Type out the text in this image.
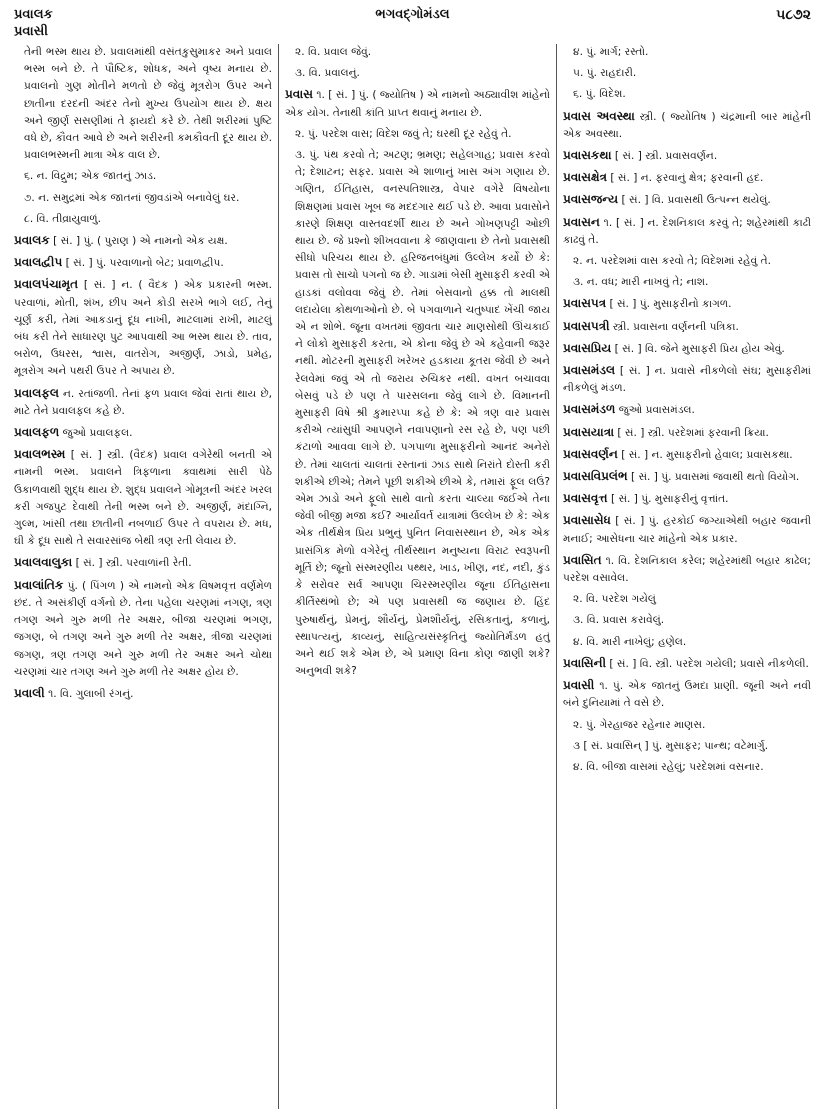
પ્રવાલક	ભગવદ્ગોમંડલ	૫૮૭૨
પ્રવાસી
તેની ભસ્મ થાય છે. પ્રવાલમાંથી વસંતકુસુમાકર અને પ્રવાલ ભસ્મ બને છે. તે પૌષ્ટિક, શોધક, અને વૃષ્ય મનાય છે. પ્રવાલનો ગુણ મોતીને મળતો છે જેવું મૂત્રરોગ ઉપર અને છાતીના દરદની અંદર તેનો મુખ્ય ઉપયોગ થાય છે. ક્ષય અને જીર્ણ સસણીમાં તે ફાયદો કરે છે. તેથી શરીરમાં પુષ્ટિ વધે છે, કૌવત આવે છે અને શરીરની કમકૌવતી દૂર થાય છે. પ્રવાલભસ્મની માત્રા એક વાલ છે.
૬. ન. વિદ્રુમ; એક જાતનું ઝાડ.
૭. ન. સમુદ્રમાં એક જાતનાં જીવડાંએ બનાવેલું ઘર.
૮. વિ. તીવ્રાયુવાળું.
પ્રવાલક [ સં. ] પું. ( પુરાણ ) એ નામનો એક યક્ષ.
પ્રવાલદ્વીપ [ સં. ] પું. પરવાળાનો બેટ; પ્રવાળદ્વીપ.
પ્રવાલપંચામૃત [ સં. ] ન. ( વૈદક ) એક પ્રકારની ભસ્મ. પરવાળાં, મોતી, શંખ, છીપ અને કોડી સરખે ભાગે લઈ, તેનું ચૂર્ણ કરી, તેમાં આકડાનું દૂધ નાખી, માટલામાં રાખી, માટલું બંધ કરી તેને સાધારણ પુટ આપવાથી આ ભસ્મ થાય છે. તાવ, બરોળ, ઉધરસ, શ્વાસ, વાતરોગ, અજીર્ણ, ઝાડો, પ્રમેહ, મૂત્રરોગ અને પથરી ઉપર તે અપાય છે.
પ્રવાલફલ ન. રતાંજળી. તેનાં ફળ પ્રવાલ જેવાં રાતાં થાય છે, માટે તેને પ્રવાલફલ કહે છે.
પ્રવાલફળ જુઓ પ્રવાલફલ.
પ્રવાલભસ્મ [ સં. ] સ્ત્રી. (વૈદક) પ્રવાલ વગેરેથી બનતી એ નામની ભસ્મ. પ્રવાલને ત્રિફળાના ક્વાથમાં સારી પેઠે ઉકાળવાથી શુદ્ધ થાય છે. શુદ્ધ પ્રવાલને ગોમૂત્રની અંદર ખરલ કરી ગજપુટ દેવાથી તેની ભસ્મ બને છે. અજીર્ણ, મંદાગ્નિ, ગુલ્મ, ખાંસી તથા છાતીની નબળાઈ ઉપર તે વપરાય છે. મધ, ઘી કે દૂધ સાથે તે સવારસાંજ બેથી ત્રણ રતી લેવાય છે.
પ્રવાલવાલુકા [ સં. ] સ્ત્રી. પરવાળાંની રેતી.
પ્રવાલાંતિક પું. ( પિંગળ ) એ નામનો એક વિષમવૃત્ત વર્ણમેળ છંદ. તે અસંકીર્ણ વર્ગનો છે. તેના પહેલા ચરણમાં નગણ, ત્રણ તગણ અને ગુરુ મળી તેર અક્ષર, બીજા ચરણમાં ભગણ, જગણ, બે તગણ અને ગુરુ મળી તેર અક્ષર, ત્રીજા ચરણમાં જગણ, ત્રણ તગણ અને ગુરુ મળી તેર અક્ષર અને ચોથા ચરણમાં ચાર તગણ અને ગુરુ મળી તેર અક્ષર હોય છે.
પ્રવાલી ૧. વિ. ગુલાબી રંગનું.
૨. વિ. પ્રવાલ જેવું.
૩. વિ. પ્રવાલનું.
પ્રવાસ ૧. [ સં. ] પું. ( જ્યોતિષ ) એ નામનો અઠ્યાવીશ માંહેનો એક યોગ. તેનાથી કાંતિ પ્રાપ્ત થવાનું મનાય છે.
૨. પું. પરદેશ વાસ; વિદેશ જવું તે; ઘરથી દૂર રહેવું તે.
૩. પું. પંથ કરવો તે; અટણ; ભ્રમણ; સહેલગાહ; પ્રવાસ કરવો તે; દેશાટન; સફર. પ્રવાસ એ શાળાનું ખાસ અંગ ગણાય છે. ગણિત, ઈતિહાસ, વનસ્પતિશાસ્ત્ર, વેપાર વગેરે વિષયોના શિક્ષણમાં પ્રવાસ ખૂબ જ મદદગાર થઈ પડે છે. આવા પ્રવાસોને કારણે શિક્ષણ વાસ્તવદર્શી થાય છે અને ગોખણપટ્ટી ઓછી થાય છે. જે પ્રશ્નો શીખવવાના કે જાણવાના છે તેનો પ્રવાસથી સીધો પરિચય થાય છે. હરિજનબંધુમાં ઉલ્લેખ કર્યો છે કે: પ્રવાસ તો સાચો પગનો જ છે. ગાડામાં બેસી મુસાફરી કરવી એ હાડકાં વલોવવા જેવું છે. તેમાં બેસવાનો હક્ક તો માલથી લદાયેલા કોથળાઓનો છે. બે પગવાળાને ચતુષ્પાદ ખેંચી જાય એ ન શોભે. જૂના વખતમાં જીવતા ચાર માણસોથી ઊંચકાઈ ને લોકો મુસાફરી કરતા, એ કોના જેવું છે એ કહેવાની જરૂર નથી. મોટરની મુસાફરી ખરેખર હડકાયા કૂતરા જેવી છે અને રેલવેમાં જવું એ તો જરાય રુચિકર નથી. વખત બચાવવા બેસવું પડે છે પણ તે પારસલના જેવું લાગે છે. વિમાનની મુસાફરી વિષે શ્રી કુમારપ્પા કહે છે કે: એ ત્રણ વાર પ્રવાસ કરીએ ત્યાંસુધી આપણને નવાપણાનો રસ રહે છે, પણ પછી કંટાળો આવવા લાગે છે. પગપાળા મુસાફરીનો આનંદ અનેરો છે. તેમાં ચાલતાં ચાલતાં રસ્તાનાં ઝાડ સાથે નિરાંતે દોસ્તી કરી શકીએ છીએ; તેમને પૂછી શકીએ છીએ કે, તમારાં ફૂલ લઉં? એમ ઝાડો અને ફૂલો સાથે વાતો કરતા ચાલ્યા જઈએ તેના જેવી બીજી મજા કઈ? આર્યાવર્ત યાત્રામાં ઉલ્લેખ છે કે: એક એક તીર્થક્ષેત્ર પ્રિય પ્રભુનું પુનિત નિવાસસ્થાન છે, એક એક પ્રાસંગિક મેળો વગેરેનું તીર્થસ્થાન મનુષ્યના વિરાટ સ્વરૂપની મૂર્તિ છે; જૂનો સંસ્મરણીય પથ્થર, ખાડ, ખીણ, નદ, નદી, કુંડ કે સરોવર સર્વ આપણા ચિરસ્મરણીય જૂના ઈતિહાસના કીર્તિસ્થંભો છે; એ પણ પ્રવાસથી જ જણાય છે. હિંદ પુરુષાર્થનું, પ્રેમનું, શૌર્યનું, પ્રેમશૌર્યનું, રસિકતાનું, કળાનું, સ્થાપત્યનું, કાવ્યનું, સાહિત્યસંસ્કૃતિનું જ્યોતિર્મંડળ હતું અને થઈ શકે એમ છે, એ પ્રમાણ વિના કોણ જાણી શકે? અનુભવી શકે?
૪. પું. માર્ગ; રસ્તો.
૫. પું. રાહદારી.
૬. પું. વિદેશ.
પ્રવાસ અવસ્થા સ્ત્રી. ( જ્યોતિષ ) ચંદ્રમાની બાર માંહેની એક અવસ્થા.
પ્રવાસકથા [ સં. ] સ્ત્રી. પ્રવાસવર્ણન.
પ્રવાસક્ષેત્ર [ સં. ] ન. ફરવાનું ક્ષેત્ર; ફરવાની હદ.
પ્રવાસજન્ય [ સં. ] વિ. પ્રવાસથી ઉત્પન્ન થયેલું.
પ્રવાસન ૧. [ સં. ] ન. દેશનિકાલ કરવું તે; શહેરમાંથી કાઢી કાઢવું તે.
૨. ન. પરદેશમાં વાસ કરવો તે; વિદેશમાં રહેવું તે.
૩. ન. વધ; મારી નાખવું તે; નાશ.
પ્રવાસપત્ર [ સં. ] પું. મુસાફરીનો કાગળ.
પ્રવાસપત્રી સ્ત્રી. પ્રવાસના વર્ણનની પત્રિકા.
પ્રવાસપ્રિય [ સં. ] વિ. જેને મુસાફરી પ્રિય હોય એવું.
પ્રવાસમંડલ [ સં. ] ન. પ્રવાસે નીકળેલો સંઘ; મુસાફરીમાં નીકળેલું મંડળ.
પ્રવાસમંડળ જુઓ પ્રવાસમંડલ.
પ્રવાસયાત્રા [ સં. ] સ્ત્રી. પરદેશમાં ફરવાની ક્રિયા.
પ્રવાસવર્ણન [ સં. ] ન. મુસાફરીનો હેવાલ; પ્રવાસકથા.
પ્રવાસવિપ્રલંભ [ સં. ] પું. પ્રવાસમાં જવાથી થતો વિયોગ.
પ્રવાસવૃત્ત [ સં. ] પું. મુસાફરીનું વૃત્તાંત.
પ્રવાસાસેધ [ સં. ] પું. હરકોઈ જગ્યાએથી બહાર જવાની મનાઈ; આસેધના ચાર માંહેનો એક પ્રકાર.
પ્રવાસિત ૧. વિ. દેશનિકાલ કરેલ; શહેરમાંથી બહાર કાઢેલ; પરદેશ વસાવેલ.
૨. વિ. પરદેશ ગયેલું
૩. વિ. પ્રવાસ કરાવેલું.
૪. વિ. મારી નાખેલું; હણેલ.
પ્રવાસિની [ સં. ] વિ. સ્ત્રી. પરદેશ ગયેલી; પ્રવાસે નીકળેલી.
પ્રવાસી ૧. પું. એક જાતનું ઉમદા પ્રાણી. જૂની અને નવી બંને દુનિયામાં તે વસે છે.
૨. પું. ગેરહાજર રહેનાર માણસ.
૩ [ સં. પ્રવાસિન્ ] પું. મુસાફર; પાન્થ; વટેમાર્ગુ.
૪. વિ. બીજા વાસમાં રહેલું; પરદેશમાં વસનાર.
